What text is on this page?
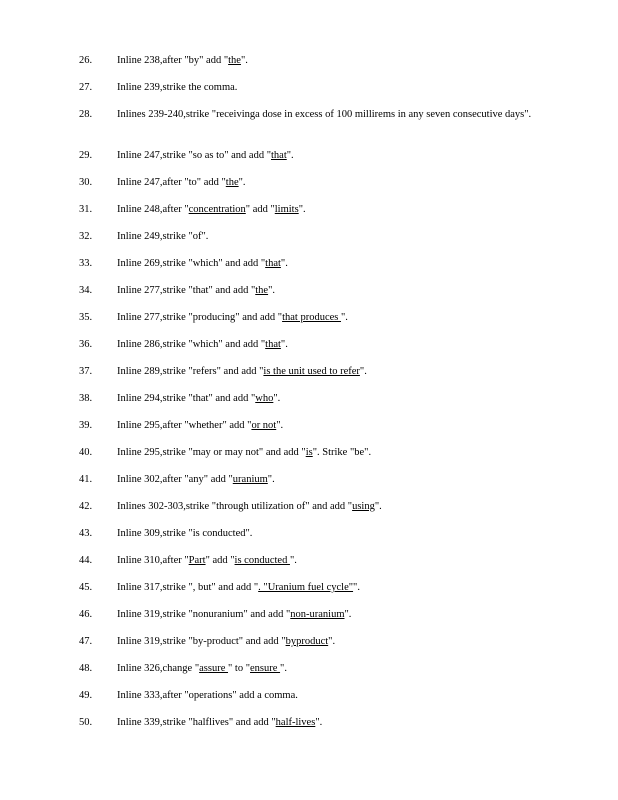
26. Inline 238,after "by" add "the".
27. Inline 239,strike the comma.
28. Inlines 239-240,strike "receivinga dose in excess of 100 millirems in any seven consecutive days".
29. Inline 247,strike "so as to" and add "that".
30. Inline 247,after "to" add "the".
31. Inline 248,after "concentration" add "limits".
32. Inline 249,strike "of".
33. Inline 269,strike "which" and add "that".
34. Inline 277,strike "that" and add "the".
35. Inline 277,strike "producing" and add "that produces ".
36. Inline 286,strike "which" and add "that".
37. Inline 289,strike "refers" and add "is the unit used to refer".
38. Inline 294,strike "that" and add "who".
39. Inline 295,after "whether" add "or not".
40. Inline 295,strike "may or may not" and add "is". Strike "be".
41. Inline 302,after "any" add "uranium".
42. Inlines 302-303,strike "through utilization of" and add "using".
43. Inline 309,strike "is conducted".
44. Inline 310,after "Part" add "is conducted ".
45. Inline 317,strike ", but" and add ". "Uranium fuel cycle"".
46. Inline 319,strike "nonuranium" and add "non-uranium".
47. Inline 319,strike "by-product" and add "byproduct".
48. Inline 326,change "assure " to "ensure ".
49. Inline 333,after "operations" add a comma.
50. Inline 339,strike "halflives" and add "half-lives".
